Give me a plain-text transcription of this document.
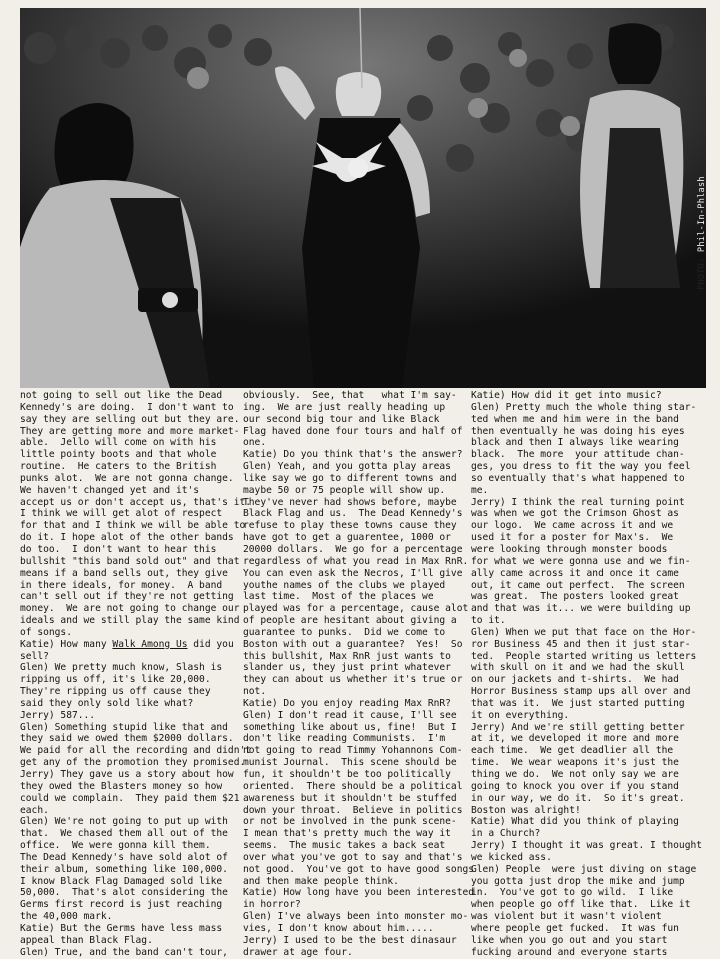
PHOTO: Phil-In-Phlash

not going to sell out like the Dead

Kennedy's are doing.  I don't want to

say they are selling out but they are.

They are getting more and more market-

able.  Jello will come on with his

little pointy boots and that whole

routine.  He caters to the British

punks alot.  We are not gonna change.

We haven't changed yet and it's

accept us or don't accept us, that's it.

I think we will get alot of respect

for that and I think we will be able to

do it. I hope alot of the other bands

do too.  I don't want to hear this

bullshit "this band sold out" and that

means if a band sells out, they give

in there ideals, for money.  A band

can't sell out if they're not getting

money.  We are not going to change our

ideals and we still play the same kind

of songs.

Katie) How many Walk Among Us did you

sell?

Glen) We pretty much know, Slash is

ripping us off, it's like 20,000.

They're ripping us off cause they

said they only sold like what?

Jerry) 587...

Glen) Something stupid like that and

they said we owed them $2000 dollars.

We paid for all the recording and didn't

get any of the promotion they promised.

Jerry) They gave us a story about how

they owed the Blasters money so how

could we complain.  They paid them $21

each.

Glen) We're not going to put up with

that.  We chased them all out of the

office.  We were gonna kill them.

The Dead Kennedy's have sold alot of

their album, something like 100,000.

I know Black Flag Damaged sold like

50,000.  That's alot considering the

Germs first record is just reaching

the 40,000 mark.

Katie) But the Germs have less mass

appeal than Black Flag.

Glen) True, and the band can't tour,

obviously.  See, that   what I'm say-

ing.  We are just really heading up

our second big tour and like Black

Flag haved done four tours and half of

one.

Katie) Do you think that's the answer?

Glen) Yeah, and you gotta play areas

like say we go to different towns and

maybe 50 or 75 people will show up.

They've never had shows before, maybe

Black Flag and us.  The Dead Kennedy's

refuse to play these towns cause they

have got to get a guarentee, 1000 or

20000 dollars.  We go for a percentage

regardless of what you read in Max RnR.

You can even ask the Necros, I'll give

youthe names of the clubs we played

last time.  Most of the places we

played was for a percentage, cause alot

of people are hesitant about giving a

guarantee to punks.  Did we come to

Boston with out a guarantee?  Yes!  So

this bullshit, Max RnR just wants to

slander us, they just print whatever

they can about us whether it's true or

not.

Katie) Do you enjoy reading Max RnR?

Glen) I don't read it cause, I'll see

something like about us, fine!  But I

don't like reading Communists.  I'm

not going to read Timmy Yohannons Com-

munist Journal.  This scene should be

fun, it shouldn't be too politically

oriented.  There should be a political

awareness but it shouldn't be stuffed

down your throat.  Believe in politics

or not be involved in the punk scene-

I mean that's pretty much the way it

seems.  The music takes a back seat

over what you've got to say and that's

not good.  You've got to have good songs

and then make people think.

Katie) How long have you been interested

in horror?

Glen) I've always been into monster mo-

vies, I don't know about him.....

Jerry) I used to be the best dinasaur

drawer at age four.

Katie) How did it get into music?

Glen) Pretty much the whole thing star-

ted when me and him were in the band

then eventually he was doing his eyes

black and then I always like wearing

black.  The more  your attitude chan-

ges, you dress to fit the way you feel

so eventually that's what happened to

me.

Jerry) I think the real turning point

was when we got the Crimson Ghost as

our logo.  We came across it and we

used it for a poster for Max's.  We

were looking through monster boods

for what we were gonna use and we fin-

ally came across it and once it came

out, it came out perfect.  The screen

was great.  The posters looked great

and that was it... we were building up

to it.

Glen) When we put that face on the Hor-

ror Business 45 and then it just star-

ted.  People started writing us letters

with skull on it and we had the skull

on our jackets and t-shirts.  We had

Horror Business stamp ups all over and

that was it.  We just started putting

it on everything.

Jerry) And we're still getting better

at it, we developed it more and more

each time.  We get deadlier all the

time.  We wear weapons it's just the

thing we do.  We not only say we are

going to knock you over if you stand

in our way, we do it.  So it's great.

Boston was alright!

Katie) What did you think of playing

in a Church?

Jerry) I thought it was great. I thought

we kicked ass.

Glen) People  were just diving on stage

you gotta just drop the mike and jump

in.  You've got to go wild.  I like

when people go off like that.  Like it

was violent but it wasn't violent

where people get fucked.  It was fun

like when you go out and you start

fucking around and everyone starts
